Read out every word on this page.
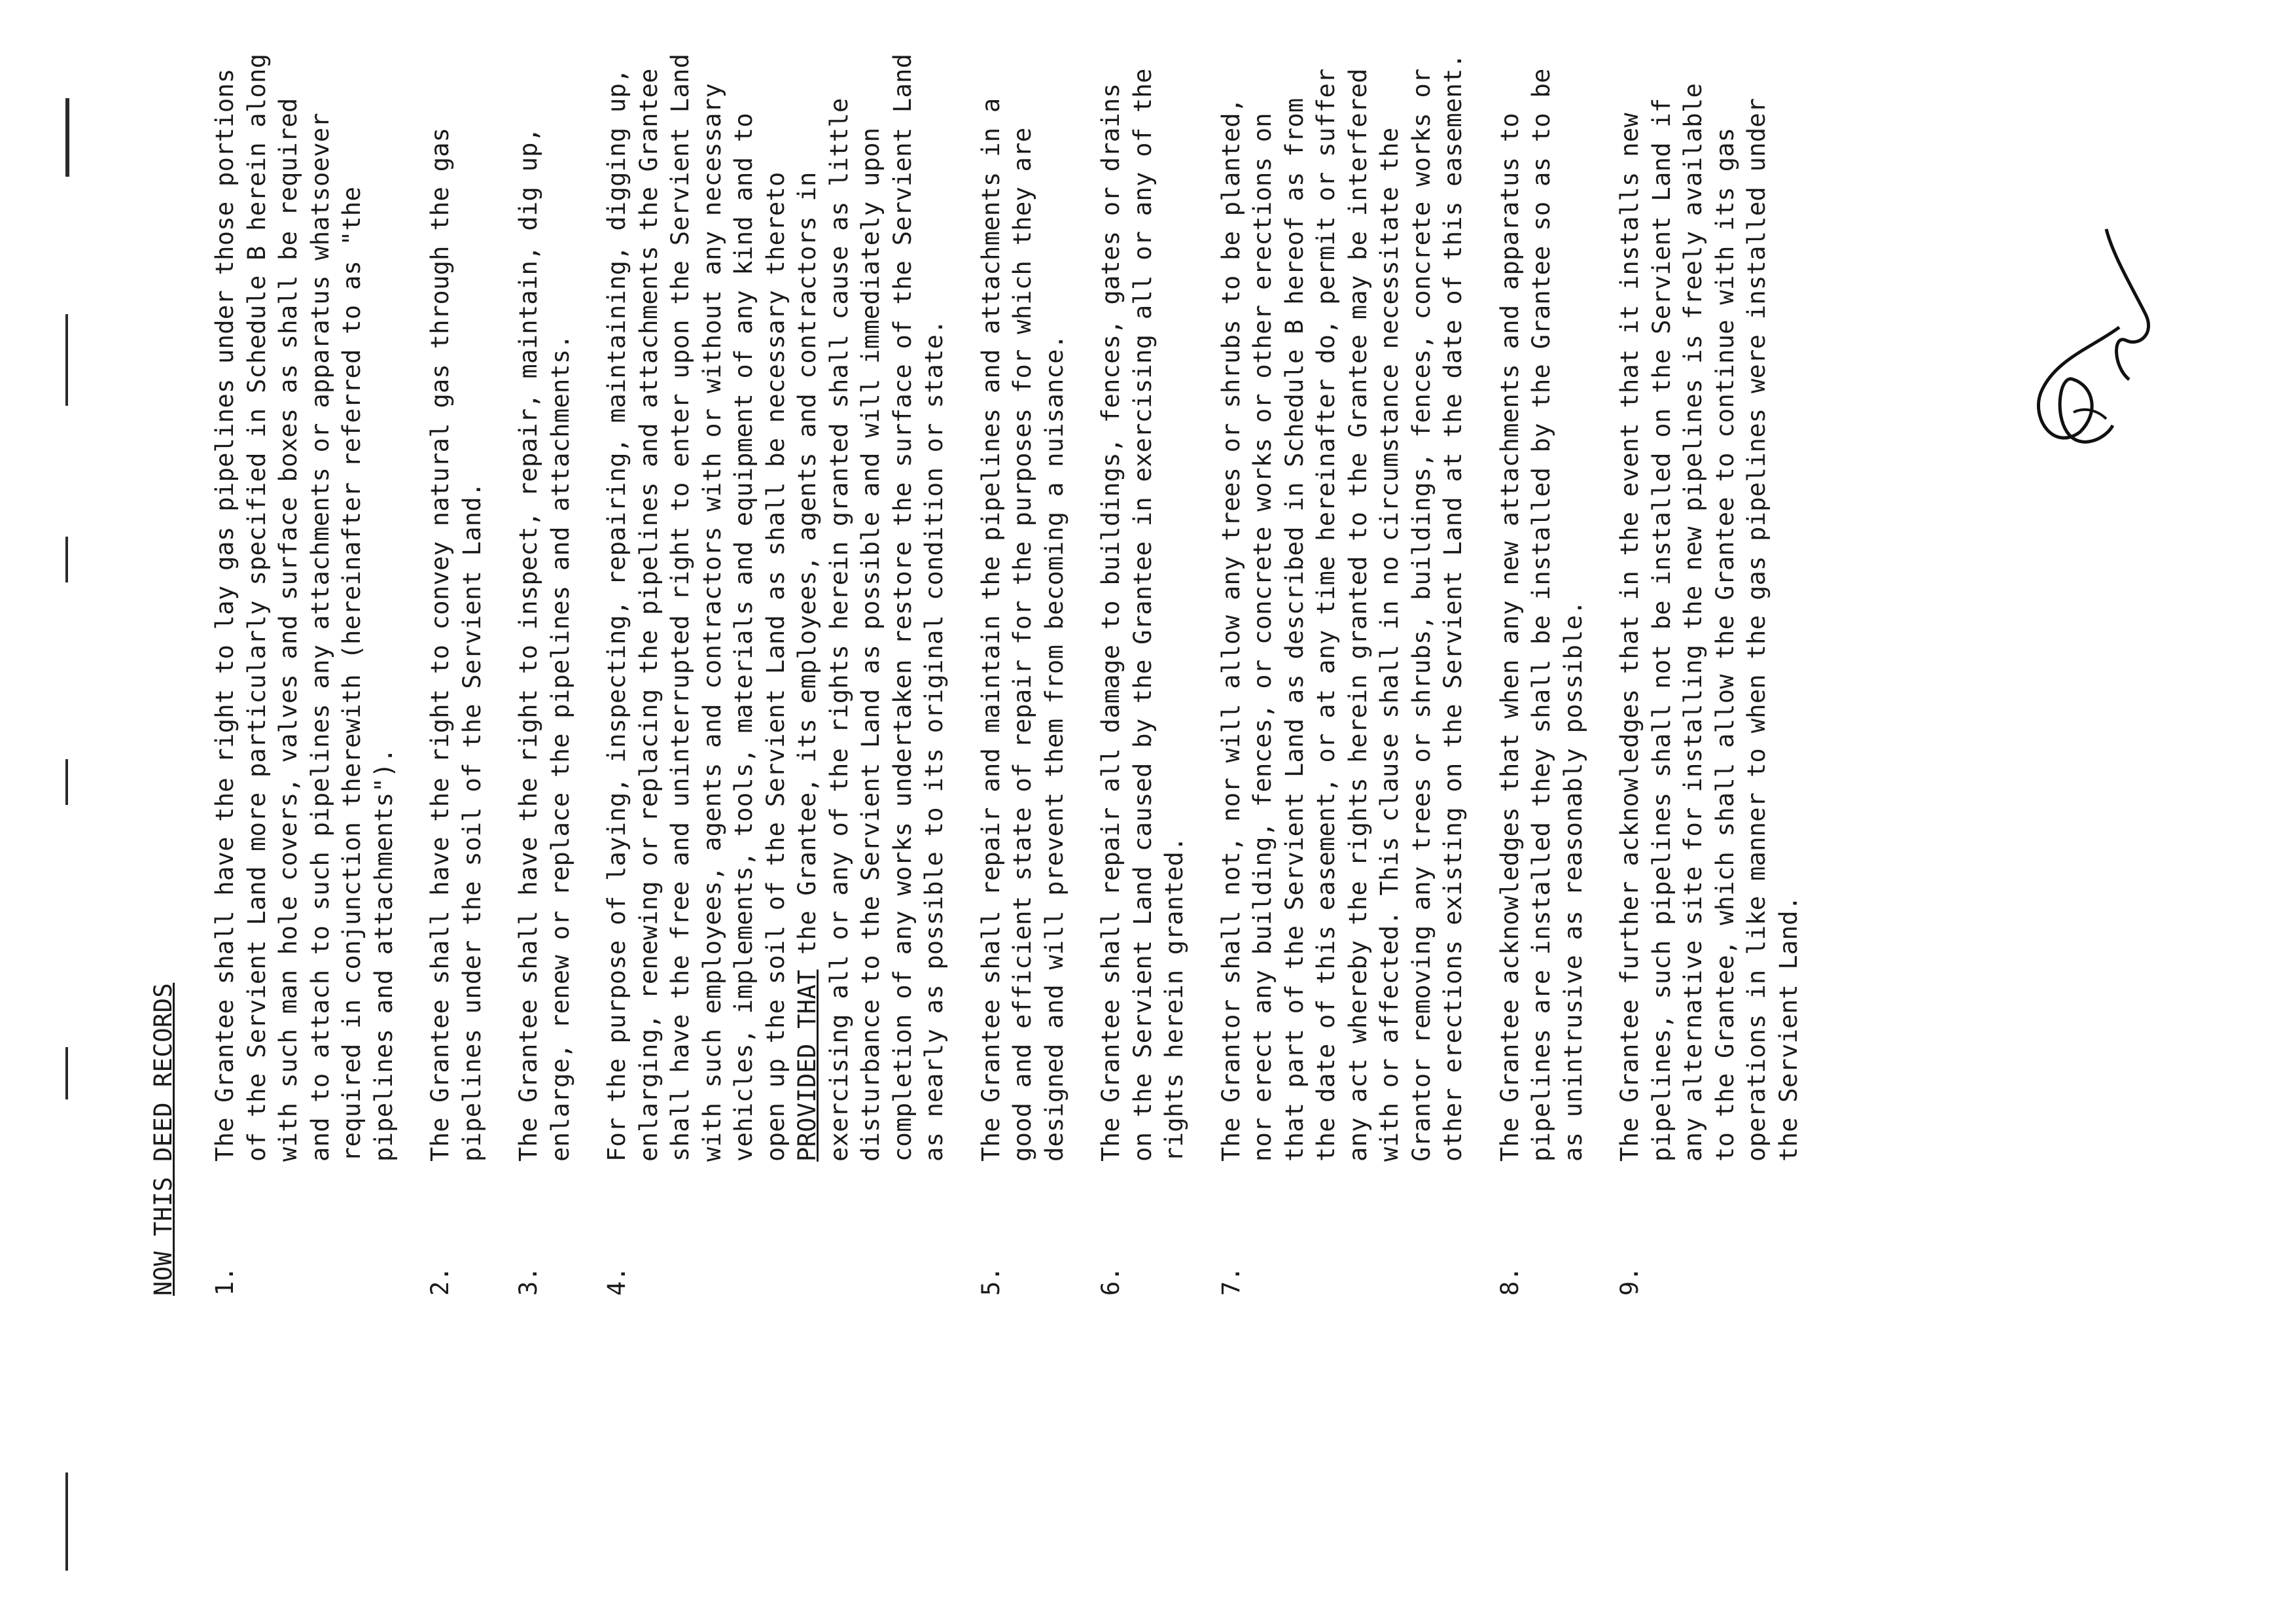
NOW THIS DEED RECORDS 1.
The Grantee shall have the right to lay gas pipelines under those portions of the Servient Land more particularly specified in Schedule B herein along with such man hole covers, valves and surface boxes as shall be required and to attach to such pipelines any attachments or apparatus whatsoever required in conjunction therewith (hereinafter referred to as "the pipelines and attachments").
2.
The Grantee shall have the right to convey natural gas through the gas pipelines under the soil of the Servient Land.
3.
The Grantee shall have the right to inspect, repair, maintain, dig up, enlarge, renew or replace the pipelines and attachments.
4.
For the purpose of laying, inspecting, repairing, maintaining, digging up, enlarging, renewing or replacing the pipelines and attachments the Grantee shall have the free and uninterrupted right to enter upon the Servient Land with such employees, agents and contractors with or without any necessary vehicles, implements, tools, materials and equipment of any kind and to open up the soil of the Servient Land as shall be necessary thereto PROVIDED THAT the Grantee, its employees, agents and contractors in exercising all or any of the rights herein granted shall cause as little disturbance to the Servient Land as possible and will immediately upon completion of any works undertaken restore the surface of the Servient Land as nearly as possible to its original condition or state.
5.
The Grantee shall repair and maintain the pipelines and attachments in a good and efficient state of repair for the purposes for which they are designed and will prevent them from becoming a nuisance.
6.
The Grantee shall repair all damage to buildings, fences, gates or drains on the Servient Land caused by the Grantee in exercising all or any of the rights herein granted.
7.
The Grantor shall not, nor will allow any trees or shrubs to be planted, nor erect any building, fences, or concrete works or other erections on that part of the Servient Land as described in Schedule B hereof as from the date of this easement, or at any time hereinafter do, permit or suffer any act whereby the rights herein granted to the Grantee may be interfered with or affected. This clause shall in no circumstance necessitate the Grantor removing any trees or shrubs, buildings, fences, concrete works or other erections existing on the Servient Land at the date of this easement.
8.
The Grantee acknowledges that when any new attachments and apparatus to pipelines are installed they shall be installed by the Grantee so as to be as unintrusive as reasonably possible.
9.
The Grantee further acknowledges that in the event that it installs new pipelines, such pipelines shall not be installed on the Servient Land if any alternative site for installing the new pipelines is freely available to the Grantee, which shall allow the Grantee to continue with its gas operations in like manner to when the gas pipelines were installed under the Servient Land.
